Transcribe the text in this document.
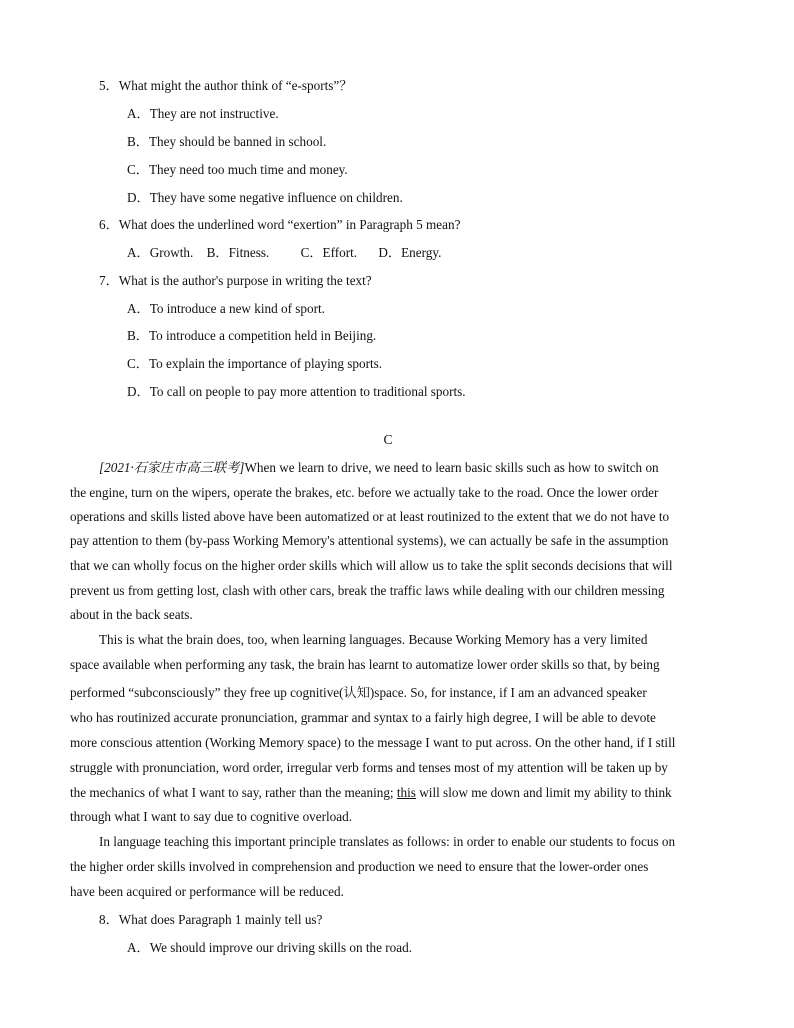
5．What might the author think of “e-sports”？
A．They are not instructive.
B．They should be banned in school.
C．They need too much time and money.
D．They have some negative influence on children.
6．What does the underlined word “exertion” in Paragraph 5 mean?
A．Growth. B．Fitness. C．Effort. D．Energy.
7．What is the author's purpose in writing the text?
A．To introduce a new kind of sport.
B．To introduce a competition held in Beijing.
C．To explain the importance of playing sports.
D．To call on people to pay more attention to traditional sports.
C
[2021·石家庄市高三联考]When we learn to drive, we need to learn basic skills such as how to switch on
the engine, turn on the wipers, operate the brakes, etc. before we actually take to the road. Once the lower order
operations and skills listed above have been automatized or at least routinized to the extent that we do not have to
pay attention to them (by-pass Working Memory's attentional systems), we can actually be safe in the assumption
that we can wholly focus on the higher order skills which will allow us to take the split seconds decisions that will
prevent us from getting lost, clash with other cars, break the traffic laws while dealing with our children messing
about in the back seats.
This is what the brain does, too, when learning languages. Because Working Memory has a very limited
space available when performing any task, the brain has learnt to automatize lower order skills so that, by being
performed “subconsciously” they free up cognitive(认知)space. So, for instance, if I am an advanced speaker
who has routinized accurate pronunciation, grammar and syntax to a fairly high degree, I will be able to devote
more conscious attention (Working Memory space) to the message I want to put across. On the other hand, if I still
struggle with pronunciation, word order, irregular verb forms and tenses most of my attention will be taken up by
the mechanics of what I want to say, rather than the meaning; this will slow me down and limit my ability to think
through what I want to say due to cognitive overload.
In language teaching this important principle translates as follows: in order to enable our students to focus on
the higher order skills involved in comprehension and production we need to ensure that the lower-order ones
have been acquired or performance will be reduced.
8．What does Paragraph 1 mainly tell us?
A．We should improve our driving skills on the road.
